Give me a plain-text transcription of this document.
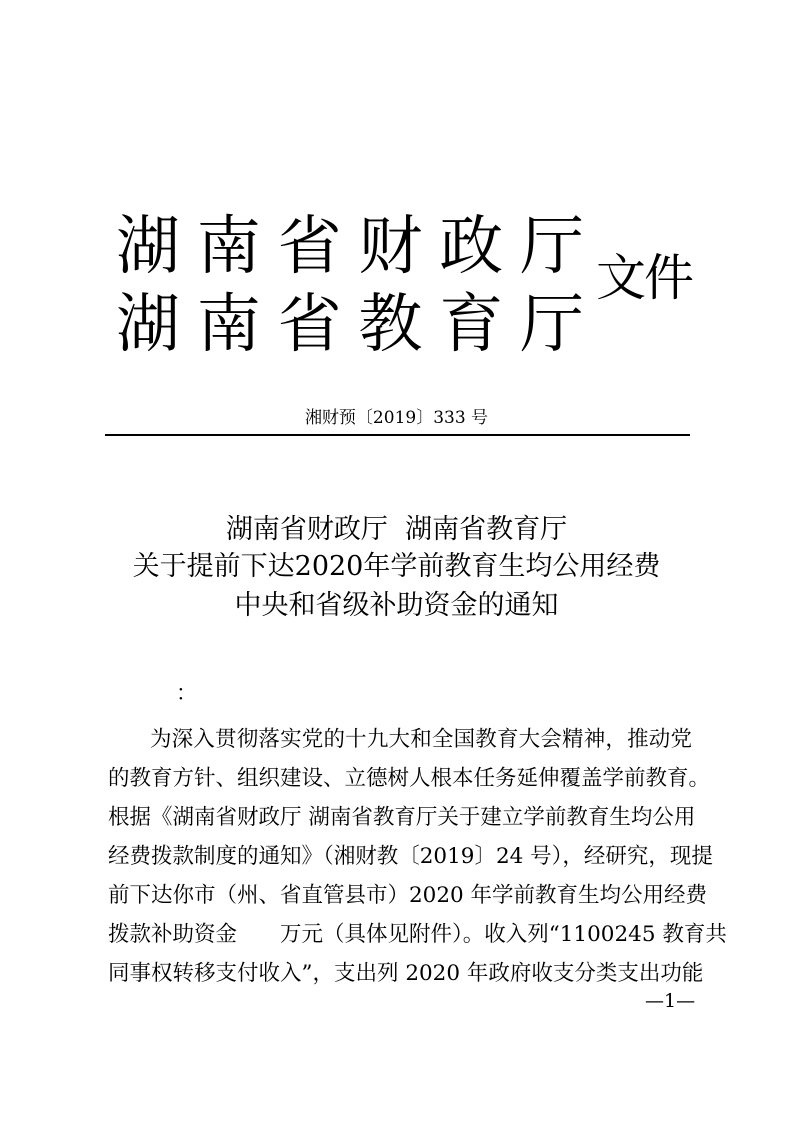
湖 南 省 财 政 厅
湖 南 省 教 育 厅
文件
湘财预〔2019〕333 号
湖南省财政厅  湖南省教育厅
关于提前下达2020年学前教育生均公用经费
中央和省级补助资金的通知
：
为深入贯彻落实党的十九大和全国教育大会精神，推动党
的教育方针、组织建设、立德树人根本任务延伸覆盖学前教育。
根据《湖南省财政厅 湖南省教育厅关于建立学前教育生均公用
经费拨款制度的通知》（湘财教〔2019〕24 号），经研究，现提
前下达你市（州、省直管县市）2020 年学前教育生均公用经费
拨款补助资金　　万元（具体见附件）。收入列“1100245 教育共
同事权转移支付收入”，支出列 2020 年政府收支分类支出功能
—1—
